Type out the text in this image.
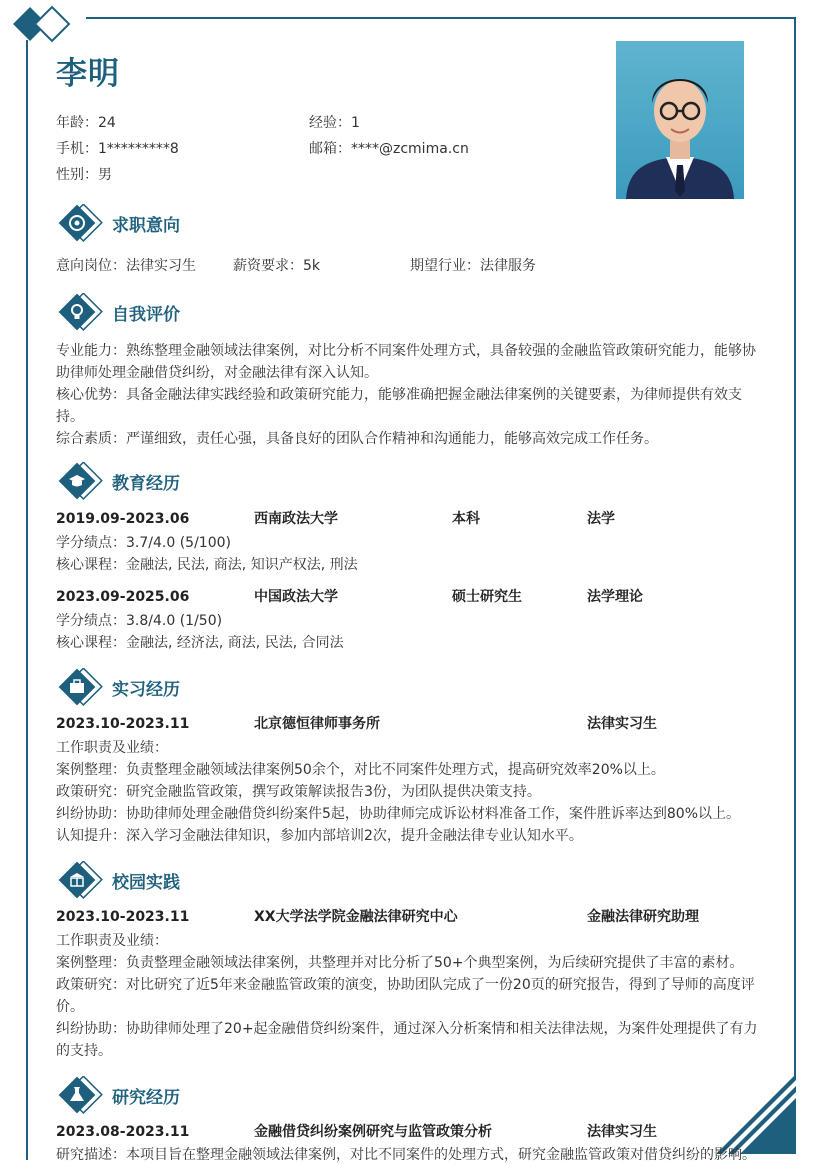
李明
年龄：24	经验：1
手机：1*********8	邮箱：****@zcmima.cn
性别：男
求职意向
意向岗位：法律实习生	薪资要求：5k	期望行业：法律服务
自我评价
专业能力：熟练整理金融领域法律案例，对比分析不同案件处理方式，具备较强的金融监管政策研究能力，能够协
助律师处理金融借贷纠纷，对金融法律有深入认知。
核心优势：具备金融法律实践经验和政策研究能力，能够准确把握金融法律案例的关键要素，为律师提供有效支
持。
综合素质：严谨细致，责任心强，具备良好的团队合作精神和沟通能力，能够高效完成工作任务。
教育经历
2019.09-2023.06	西南政法大学	本科	法学
学分绩点：3.7/4.0 (5/100)
核心课程：金融法, 民法, 商法, 知识产权法, 刑法
2023.09-2025.06	中国政法大学	硕士研究生	法学理论
学分绩点：3.8/4.0 (1/50)
核心课程：金融法, 经济法, 商法, 民法, 合同法
实习经历
2023.10-2023.11	北京德恒律师事务所	法律实习生
工作职责及业绩：
案例整理：负责整理金融领域法律案例50余个，对比不同案件处理方式，提高研究效率20%以上。
政策研究：研究金融监管政策，撰写政策解读报告3份，为团队提供决策支持。
纠纷协助：协助律师处理金融借贷纠纷案件5起，协助律师完成诉讼材料准备工作，案件胜诉率达到80%以上。
认知提升：深入学习金融法律知识，参加内部培训2次，提升金融法律专业认知水平。
校园实践
2023.10-2023.11	XX大学法学院金融法律研究中心	金融法律研究助理
工作职责及业绩：
案例整理：负责整理金融领域法律案例，共整理并对比分析了50+个典型案例，为后续研究提供了丰富的素材。
政策研究：对比研究了近5年来金融监管政策的演变，协助团队完成了一份20页的研究报告，得到了导师的高度评
价。
纠纷协助：协助律师处理了20+起金融借贷纠纷案件，通过深入分析案情和相关法律法规，为案件处理提供了有力
的支持。
研究经历
2023.08-2023.11	金融借贷纠纷案例研究与监管政策分析	法律实习生
研究描述：本项目旨在整理金融领域法律案例，对比不同案件的处理方式，研究金融监管政策对借贷纠纷的影响。
